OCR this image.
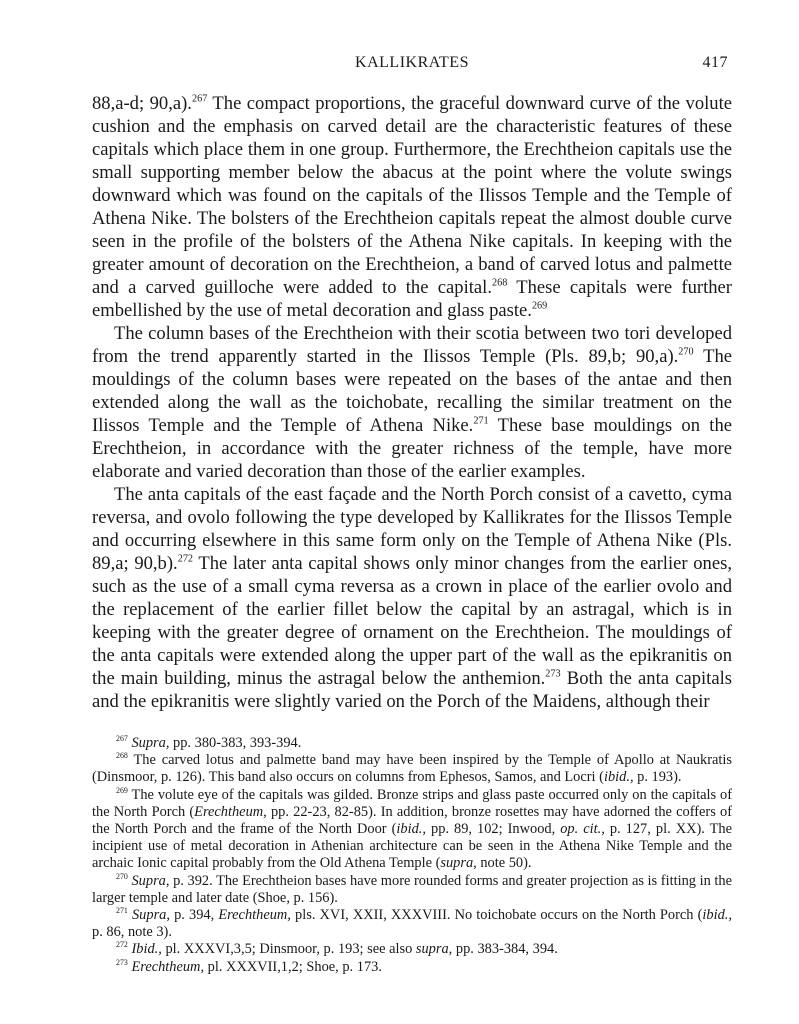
KALLIKRATES	417

88,a-d; 90,a).$^{267}$ The compact proportions, the graceful downward curve of the volute cushion and the emphasis on carved detail are the characteristic features of these capitals which place them in one group. Furthermore, the Erechtheion capitals use the small supporting member below the abacus at the point where the volute swings downward which was found on the capitals of the Ilissos Temple and the Temple of Athena Nike. The bolsters of the Erechtheion capitals repeat the almost double curve seen in the profile of the bolsters of the Athena Nike capitals. In keeping with the greater amount of decoration on the Erechtheion, a band of carved lotus and palmette and a carved guilloche were added to the capital.$^{268}$ These capitals were further embellished by the use of metal decoration and glass paste.$^{269}$

The column bases of the Erechtheion with their scotia between two tori developed from the trend apparently started in the Ilissos Temple (Pls. 89,b; 90,a).$^{270}$ The mouldings of the column bases were repeated on the bases of the antae and then extended along the wall as the toichobate, recalling the similar treatment on the Ilissos Temple and the Temple of Athena Nike.$^{271}$ These base mouldings on the Erechtheion, in accordance with the greater richness of the temple, have more elaborate and varied decoration than those of the earlier examples.

The anta capitals of the east façade and the North Porch consist of a cavetto, cyma reversa, and ovolo following the type developed by Kallikrates for the Ilissos Temple and occurring elsewhere in this same form only on the Temple of Athena Nike (Pls. 89,a; 90,b).$^{272}$ The later anta capital shows only minor changes from the earlier ones, such as the use of a small cyma reversa as a crown in place of the earlier ovolo and the replacement of the earlier fillet below the capital by an astragal, which is in keeping with the greater degree of ornament on the Erechtheion. The mouldings of the anta capitals were extended along the upper part of the wall as the epikranitis on the main building, minus the astragal below the anthemion.$^{273}$ Both the anta capitals and the epikranitis were slightly varied on the Porch of the Maidens, although their

$^{267}$ Supra, pp. 380-383, 393-394.

$^{268}$ The carved lotus and palmette band may have been inspired by the Temple of Apollo at Naukratis (Dinsmoor, p. 126). This band also occurs on columns from Ephesos, Samos, and Locri (ibid., p. 193).

$^{269}$ The volute eye of the capitals was gilded. Bronze strips and glass paste occurred only on the capitals of the North Porch (Erechtheum, pp. 22-23, 82-85). In addition, bronze rosettes may have adorned the coffers of the North Porch and the frame of the North Door (ibid., pp. 89, 102; Inwood, op. cit., p. 127, pl. XX). The incipient use of metal decoration in Athenian architecture can be seen in the Athena Nike Temple and the archaic Ionic capital probably from the Old Athena Temple (supra, note 50).

$^{270}$ Supra, p. 392. The Erechtheion bases have more rounded forms and greater projection as is fitting in the larger temple and later date (Shoe, p. 156).

$^{271}$ Supra, p. 394, Erechtheum, pls. XVI, XXII, XXXVIII. No toichobate occurs on the North Porch (ibid., p. 86, note 3).

$^{272}$ Ibid., pl. XXXVI,3,5; Dinsmoor, p. 193; see also supra, pp. 383-384, 394.

$^{273}$ Erechtheum, pl. XXXVII,1,2; Shoe, p. 173.
